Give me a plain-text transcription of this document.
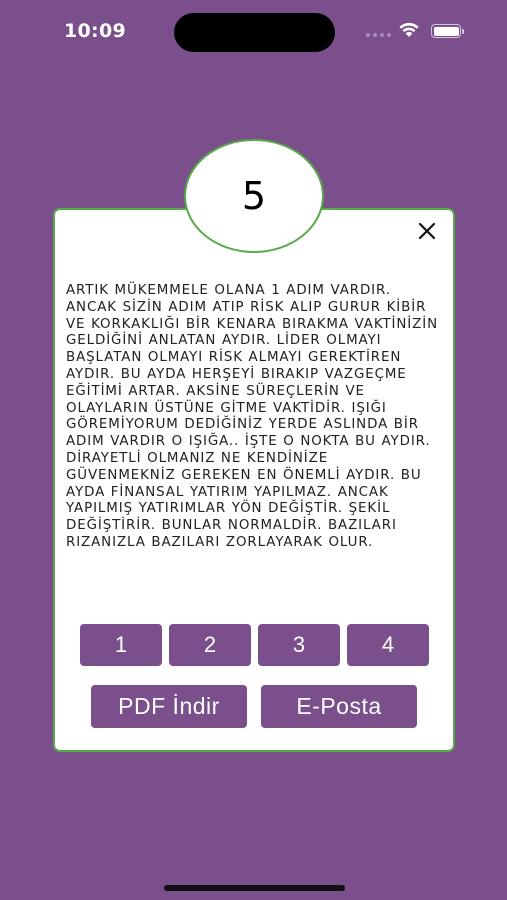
10:09
5

ARTIK MÜKEMMELE OLANA 1 ADIM VARDIR. ANCAK SİZİN ADIM ATIP RİSK ALIP GURUR KİBİR VE KORKAKLIĞI BİR KENARA BIRAKMA VAKTİNİZİN GELDİĞİNİ ANLATAN AYDIR. LİDER OLMAYI BAŞLATAN OLMAYI RİSK ALMAYI GEREKTİREN AYDIR. BU AYDA HERŞEYİ BIRAKIP VAZGEÇME EĞİTİMİ ARTAR. AKSİNE SÜREÇLERİN VE OLAYLARIN ÜSTÜNE GİTME VAKTİDİR. IŞIĞI GÖREMİYORUM DEDİĞİNİZ YERDE ASLINDA BİR ADIM VARDIR O IŞIĞA.. İŞTE O NOKTA BU AYDIR. DİRAYETLİ OLMANIZ NE KENDİNİZE GÜVENMEKNİZ GEREKEN EN ÖNEMLİ AYDIR. BU AYDA FİNANSAL YATIRIM YAPILMAZ. ANCAK YAPILMIŞ YATIRIMLAR YÖN DEĞİŞTİR. ŞEKİL DEĞİŞTİRİR. BUNLAR NORMALDİR. BAZILARI RIZANIZLA BAZILARI ZORLAYARAK OLUR.

1	2	3	4
PDF İndir	E-Posta
